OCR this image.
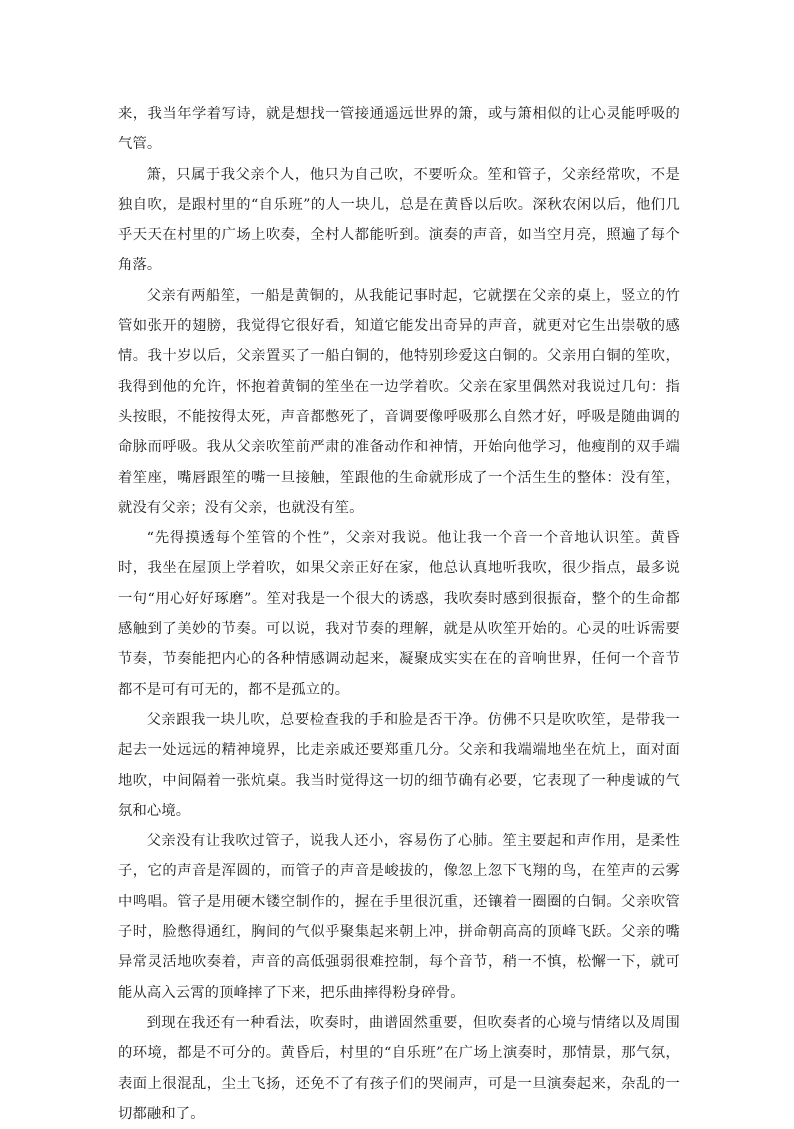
来，我当年学着写诗，就是想找一管接通遥远世界的箫，或与箫相似的让心灵能呼吸的气管。

箫，只属于我父亲个人，他只为自己吹，不要听众。笙和管子，父亲经常吹，不是独自吹，是跟村里的“自乐班”的人一块儿，总是在黄昏以后吹。深秋农闲以后，他们几乎天天在村里的广场上吹奏，全村人都能听到。演奏的声音，如当空月亮，照遍了每个角落。

父亲有两船笙，一船是黄铜的，从我能记事时起，它就摆在父亲的桌上，竖立的竹管如张开的翅膀，我觉得它很好看，知道它能发出奇异的声音，就更对它生出崇敬的感情。我十岁以后，父亲置买了一船白铜的，他特别珍爱这白铜的。父亲用白铜的笙吹，我得到他的允许，怀抱着黄铜的笙坐在一边学着吹。父亲在家里偶然对我说过几句：指头按眼，不能按得太死，声音都憋死了，音调要像呼吸那么自然才好，呼吸是随曲调的命脉而呼吸。我从父亲吹笙前严肃的准备动作和神情，开始向他学习，他瘦削的双手端着笙座，嘴唇跟笙的嘴一旦接触，笙跟他的生命就形成了一个活生生的整体：没有笙，就没有父亲；没有父亲，也就没有笙。

“先得摸透每个笙管的个性”，父亲对我说。他让我一个音一个音地认识笙。黄昏时，我坐在屋顶上学着吹，如果父亲正好在家，他总认真地听我吹，很少指点，最多说一句“用心好好琢磨”。笙对我是一个很大的诱惑，我吹奏时感到很振奋，整个的生命都感触到了美妙的节奏。可以说，我对节奏的理解，就是从吹笙开始的。心灵的吐诉需要节奏，节奏能把内心的各种情感调动起来，凝聚成实实在在的音响世界，任何一个音节都不是可有可无的，都不是孤立的。

父亲跟我一块儿吹，总要检查我的手和脸是否干净。仿佛不只是吹吹笙，是带我一起去一处远远的精神境界，比走亲戚还要郑重几分。父亲和我端端地坐在炕上，面对面地吹，中间隔着一张炕桌。我当时觉得这一切的细节确有必要，它表现了一种虔诚的气氛和心境。

父亲没有让我吹过管子，说我人还小，容易伤了心肺。笙主要起和声作用，是柔性子，它的声音是浑圆的，而管子的声音是峻拔的，像忽上忽下飞翔的鸟，在笙声的云雾中鸣唱。管子是用硬木镂空制作的，握在手里很沉重，还镶着一圈圈的白铜。父亲吹管子时，脸憋得通红，胸间的气似乎聚集起来朝上冲，拼命朝高高的顶峰飞跃。父亲的嘴异常灵活地吹奏着，声音的高低强弱很难控制，每个音节，稍一不慎，松懈一下，就可能从高入云霄的顶峰摔了下来，把乐曲摔得粉身碎骨。

到现在我还有一种看法，吹奏时，曲谱固然重要，但吹奏者的心境与情绪以及周围的环境，都是不可分的。黄昏后，村里的“自乐班”在广场上演奏时，那情景，那气氛，表面上很混乱，尘土飞扬，还免不了有孩子们的哭闹声，可是一旦演奏起来，杂乱的一切都融和了。
